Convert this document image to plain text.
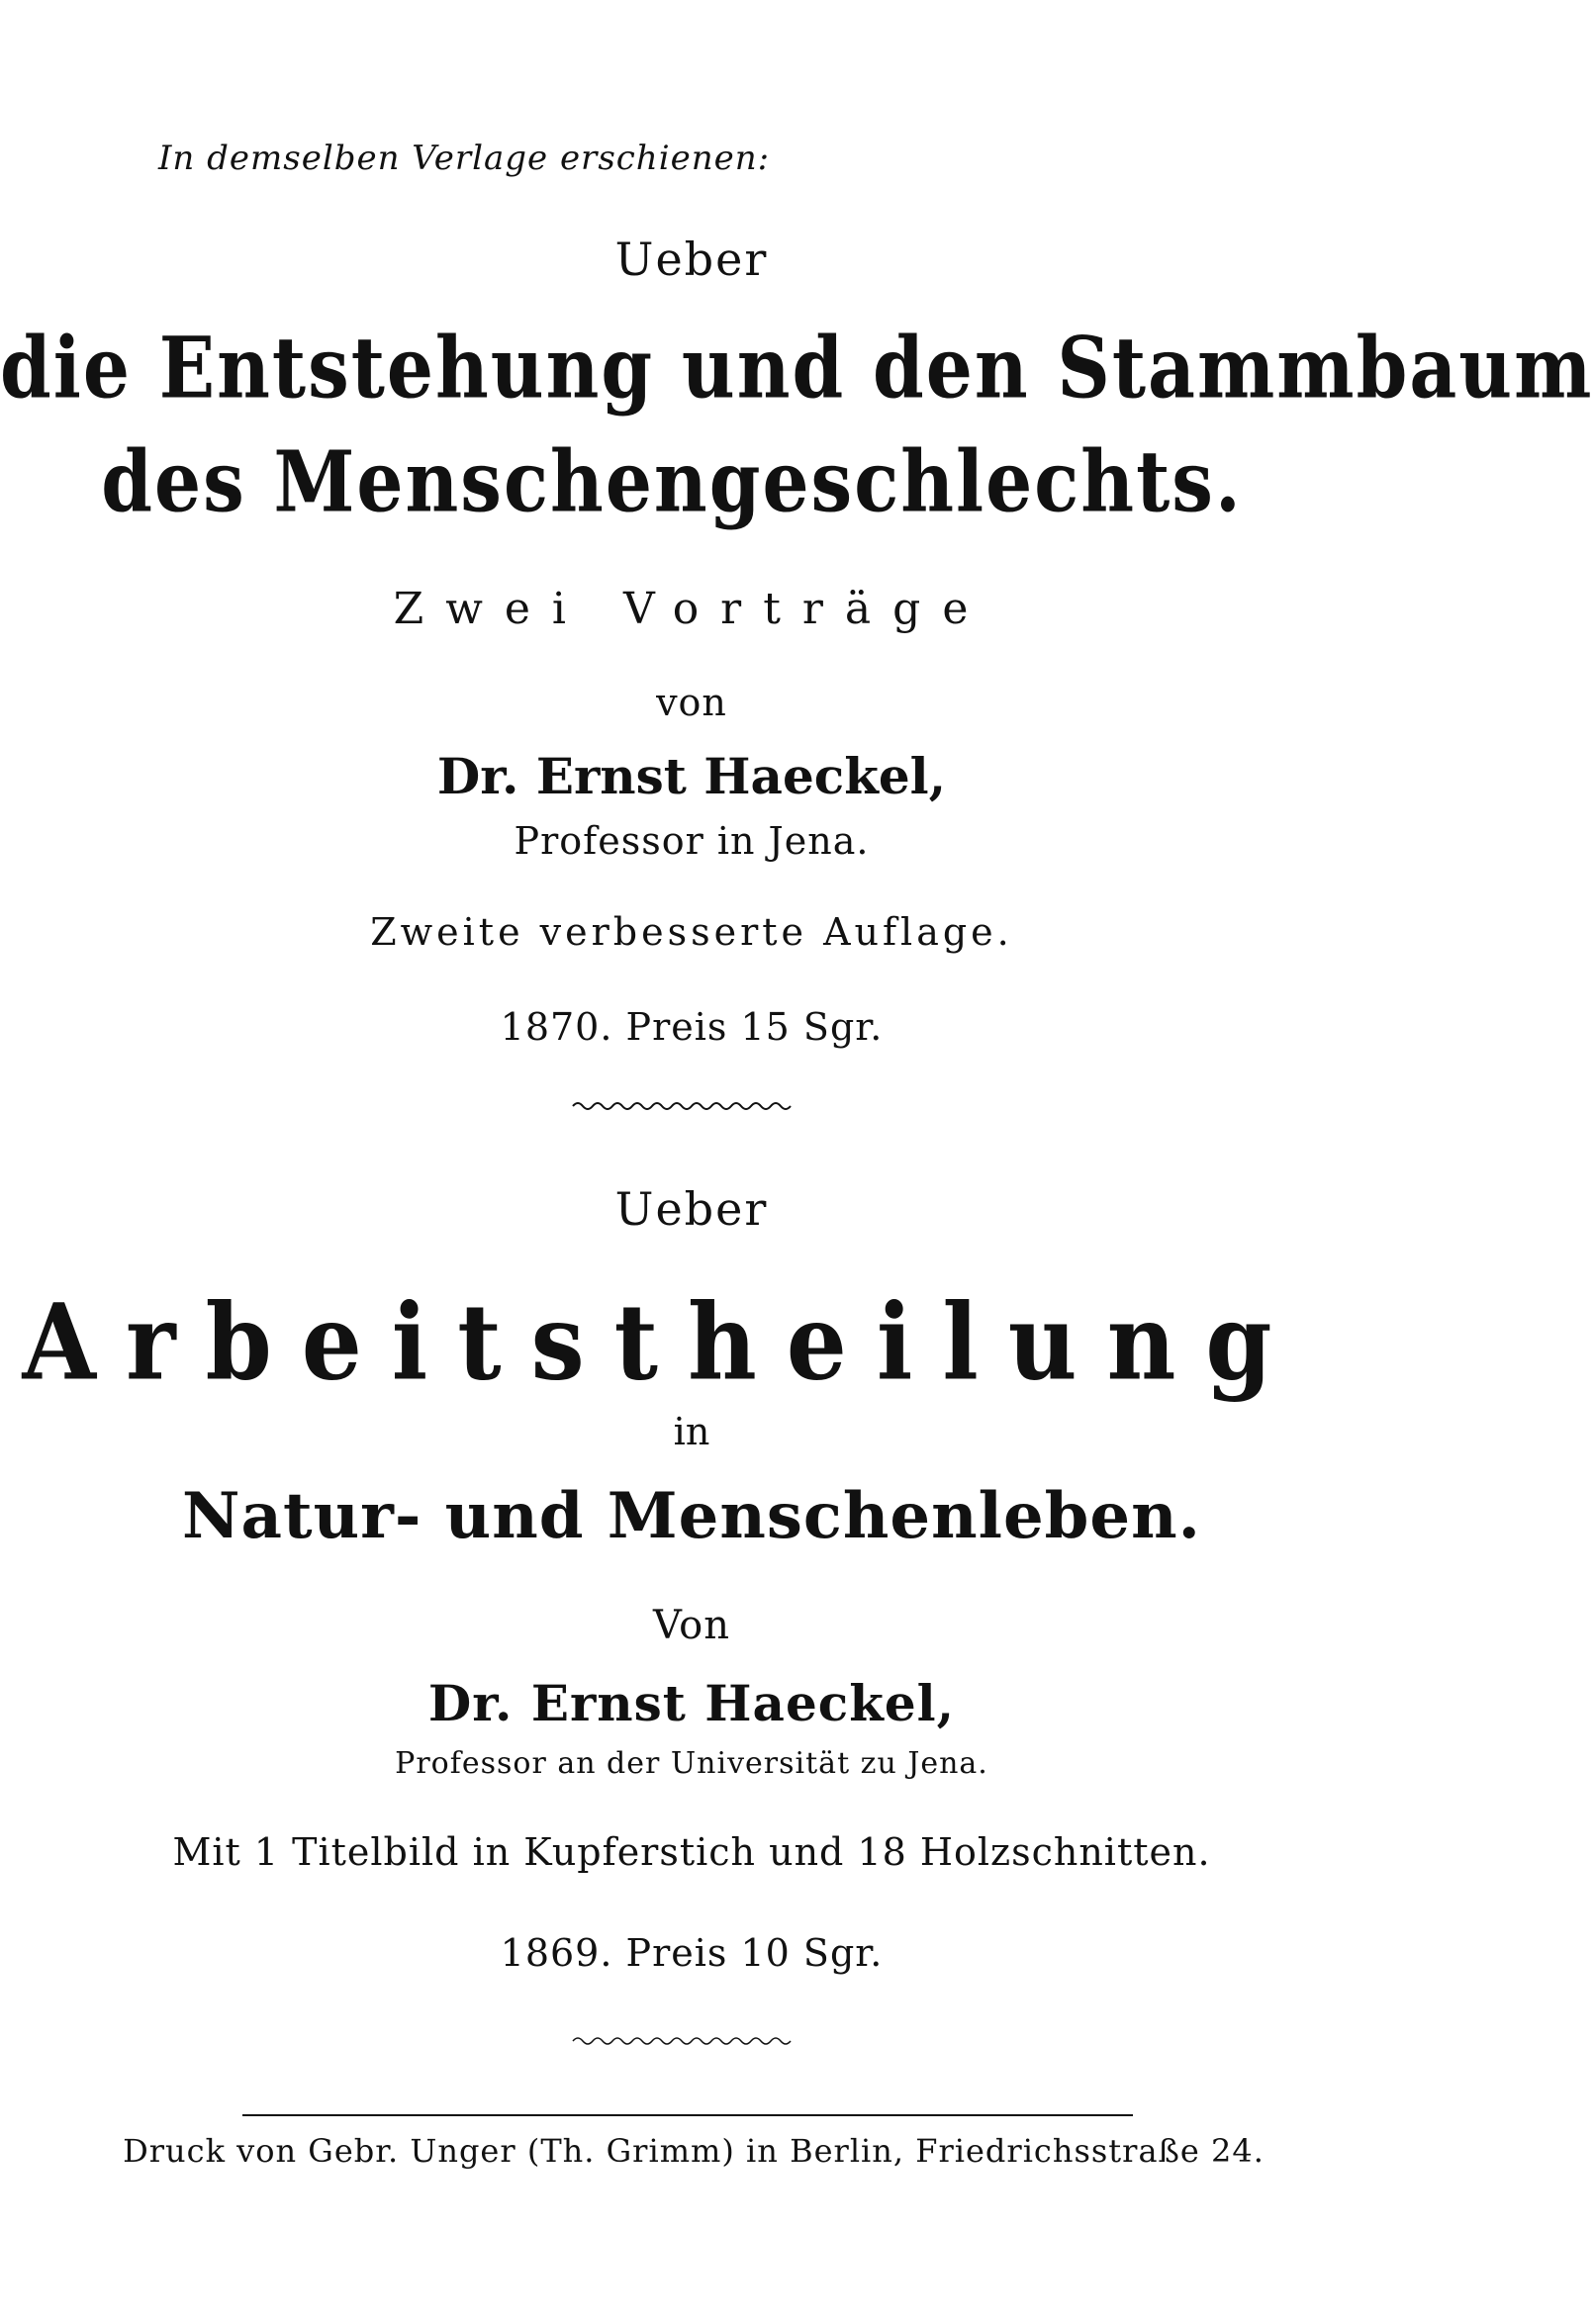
In demselben Verlage erschienen:
Ueber
die Entstehung und den Stammbaum
des Menschengeschlechts.
Zwei Vorträge
von
Dr. Ernst Haeckel,
Professor in Jena.
Zweite verbesserte Auflage.
1870. Preis 15 Sgr.
Ueber
Arbeitstheilung
in
Natur- und Menschenleben.
Von
Dr. Ernst Haeckel,
Professor an der Universität zu Jena.
Mit 1 Titelbild in Kupferstich und 18 Holzschnitten.
1869. Preis 10 Sgr.
Druck von Gebr. Unger (Th. Grimm) in Berlin, Friedrichsstraße 24.
